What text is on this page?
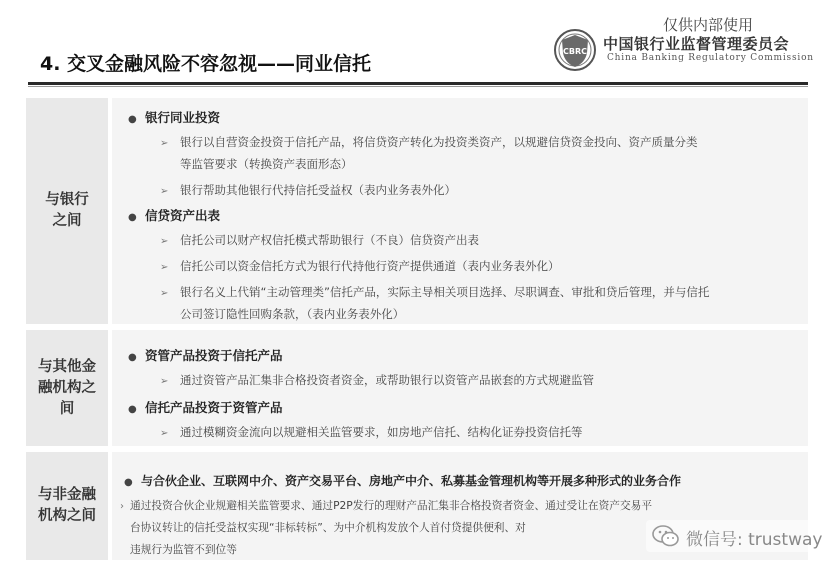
4. 交叉金融风险不容忽视——同业信托
仅供内部使用
CBRC 中国银行业监督管理委员会
China Banking Regulatory Commission
与银行
之间
● 银行同业投资
➢ 银行以自营资金投资于信托产品，将信贷资产转化为投资类资产，以规避信贷资金投向、资产质量分类
等监管要求（转换资产表面形态）
➢ 银行帮助其他银行代持信托受益权（表内业务表外化）
● 信贷资产出表
➢ 信托公司以财产权信托模式帮助银行（不良）信贷资产出表
➢ 信托公司以资金信托方式为银行代持他行资产提供通道（表内业务表外化）
➢ 银行名义上代销“主动管理类”信托产品，实际主导相关项目选择、尽职调查、审批和贷后管理，并与信托
公司签订隐性回购条款，（表内业务表外化）
与其他金
融机构之
间
● 资管产品投资于信托产品
➢ 通过资管产品汇集非合格投资者资金，或帮助银行以资管产品嵌套的方式规避监管
● 信托产品投资于资管产品
➢ 通过模糊资金流向以规避相关监管要求，如房地产信托、结构化证券投资信托等
与非金融
机构之间
● 与合伙企业、互联网中介、资产交易平台、房地产中介、私募基金管理机构等开展多种形式的业务合作
› 通过投资合伙企业规避相关监管要求、通过P2P发行的理财产品汇集非合格投资者资金、通过受让在资产交易平
台协议转让的信托受益权实现“非标转标”、为中介机构发放个人首付贷提供便利、对
违规行为监管不到位等	微信号: trustway
